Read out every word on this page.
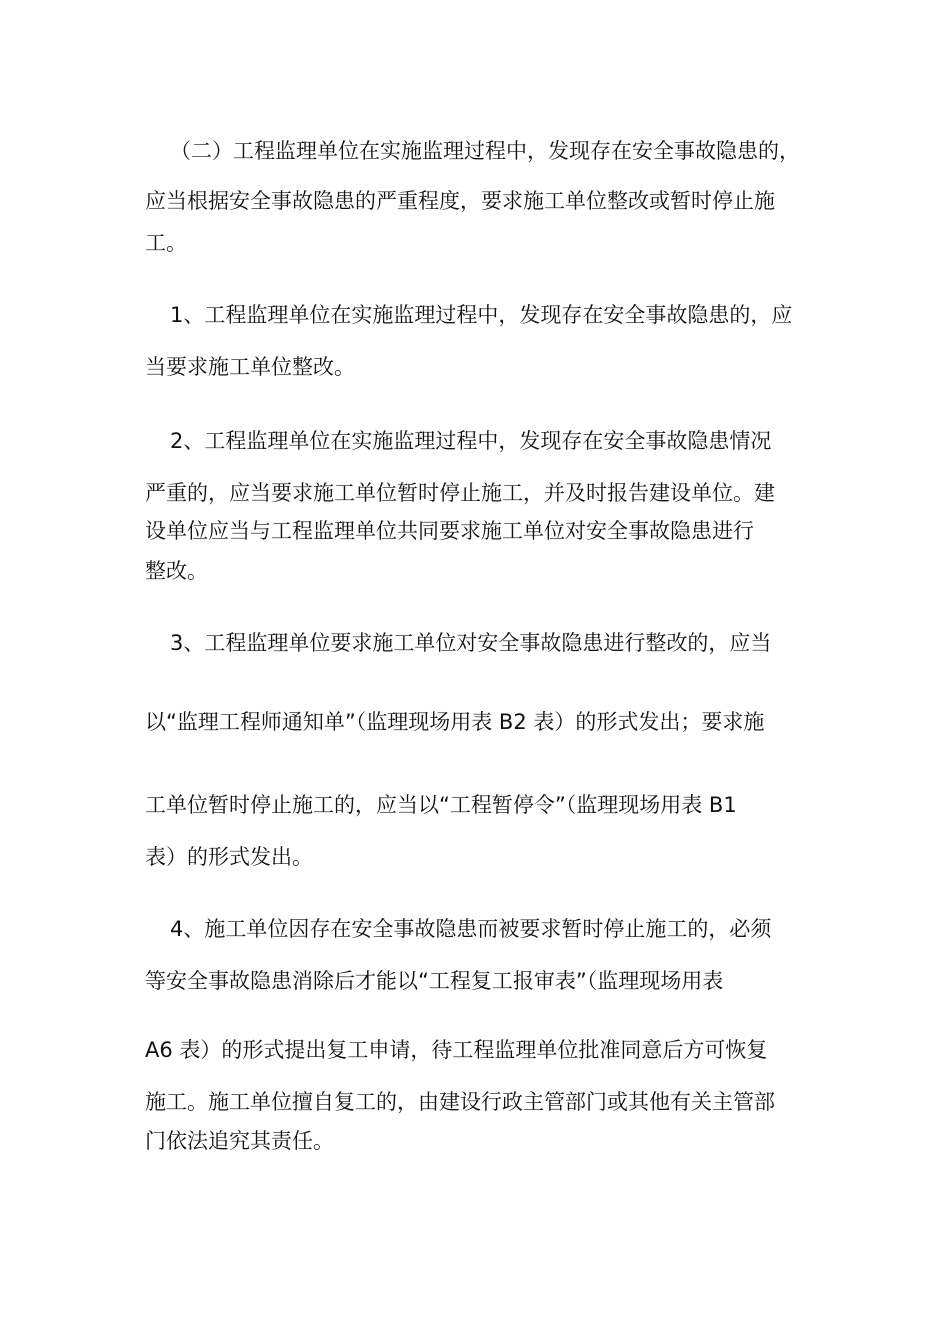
（二）工程监理单位在实施监理过程中，发现存在安全事故隐患的，
应当根据安全事故隐患的严重程度，要求施工单位整改或暂时停止施
工。
1、工程监理单位在实施监理过程中，发现存在安全事故隐患的，应
当要求施工单位整改。
2、工程监理单位在实施监理过程中，发现存在安全事故隐患情况
严重的，应当要求施工单位暂时停止施工，并及时报告建设单位。建
设单位应当与工程监理单位共同要求施工单位对安全事故隐患进行
整改。
3、工程监理单位要求施工单位对安全事故隐患进行整改的，应当
以“监理工程师通知单”（监理现场用表 B2 表）的形式发出；要求施
工单位暂时停止施工的，应当以“工程暂停令”（监理现场用表 B1
表）的形式发出。
4、施工单位因存在安全事故隐患而被要求暂时停止施工的，必须
等安全事故隐患消除后才能以“工程复工报审表”（监理现场用表
A6 表）的形式提出复工申请，待工程监理单位批准同意后方可恢复
施工。施工单位擅自复工的，由建设行政主管部门或其他有关主管部
门依法追究其责任。
